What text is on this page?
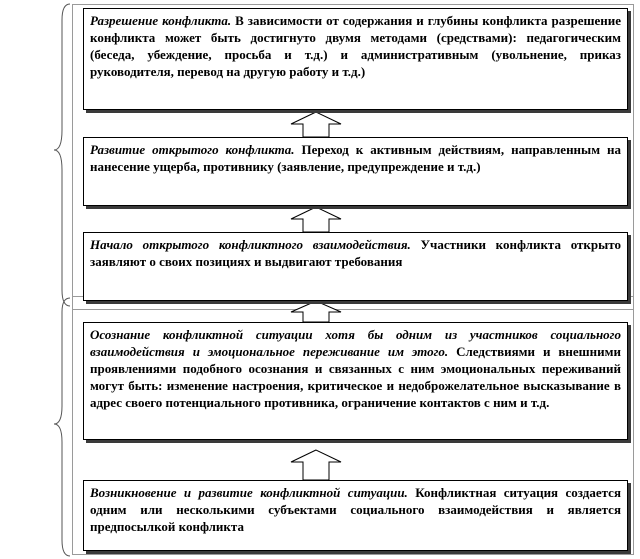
Разрешение конфликта. В зависимости от содержания и глубины конфликта разрешение конфликта может быть достигнуто двумя методами (средствами): педагогическим (беседа, убеждение, просьба и т.д.) и административным (увольнение, приказ руководителя, перевод на другую работу и т.д.)
Развитие открытого конфликта. Переход к активным действиям, направленным на нанесение ущерба, противнику (заявление, предупреждение и т.д.)
Начало открытого конфликтного взаимодействия. Участники конфликта открыто заявляют о своих позициях и выдвигают требования
Осознание конфликтной ситуации хотя бы одним из участников социального взаимодействия и эмоциональное переживание им этого. Следствиями и внешними проявлениями подобного осознания и связанных с ним эмоциональных переживаний могут быть: изменение настроения, критическое и недоброжелательное высказывание в адрес своего потенциального противника, ограничение контактов с ним и т.д.
Возникновение и развитие конфликтной ситуации. Конфликтная ситуация создается одним или несколькими субъектами социального взаимодействия и является предпосылкой конфликта
